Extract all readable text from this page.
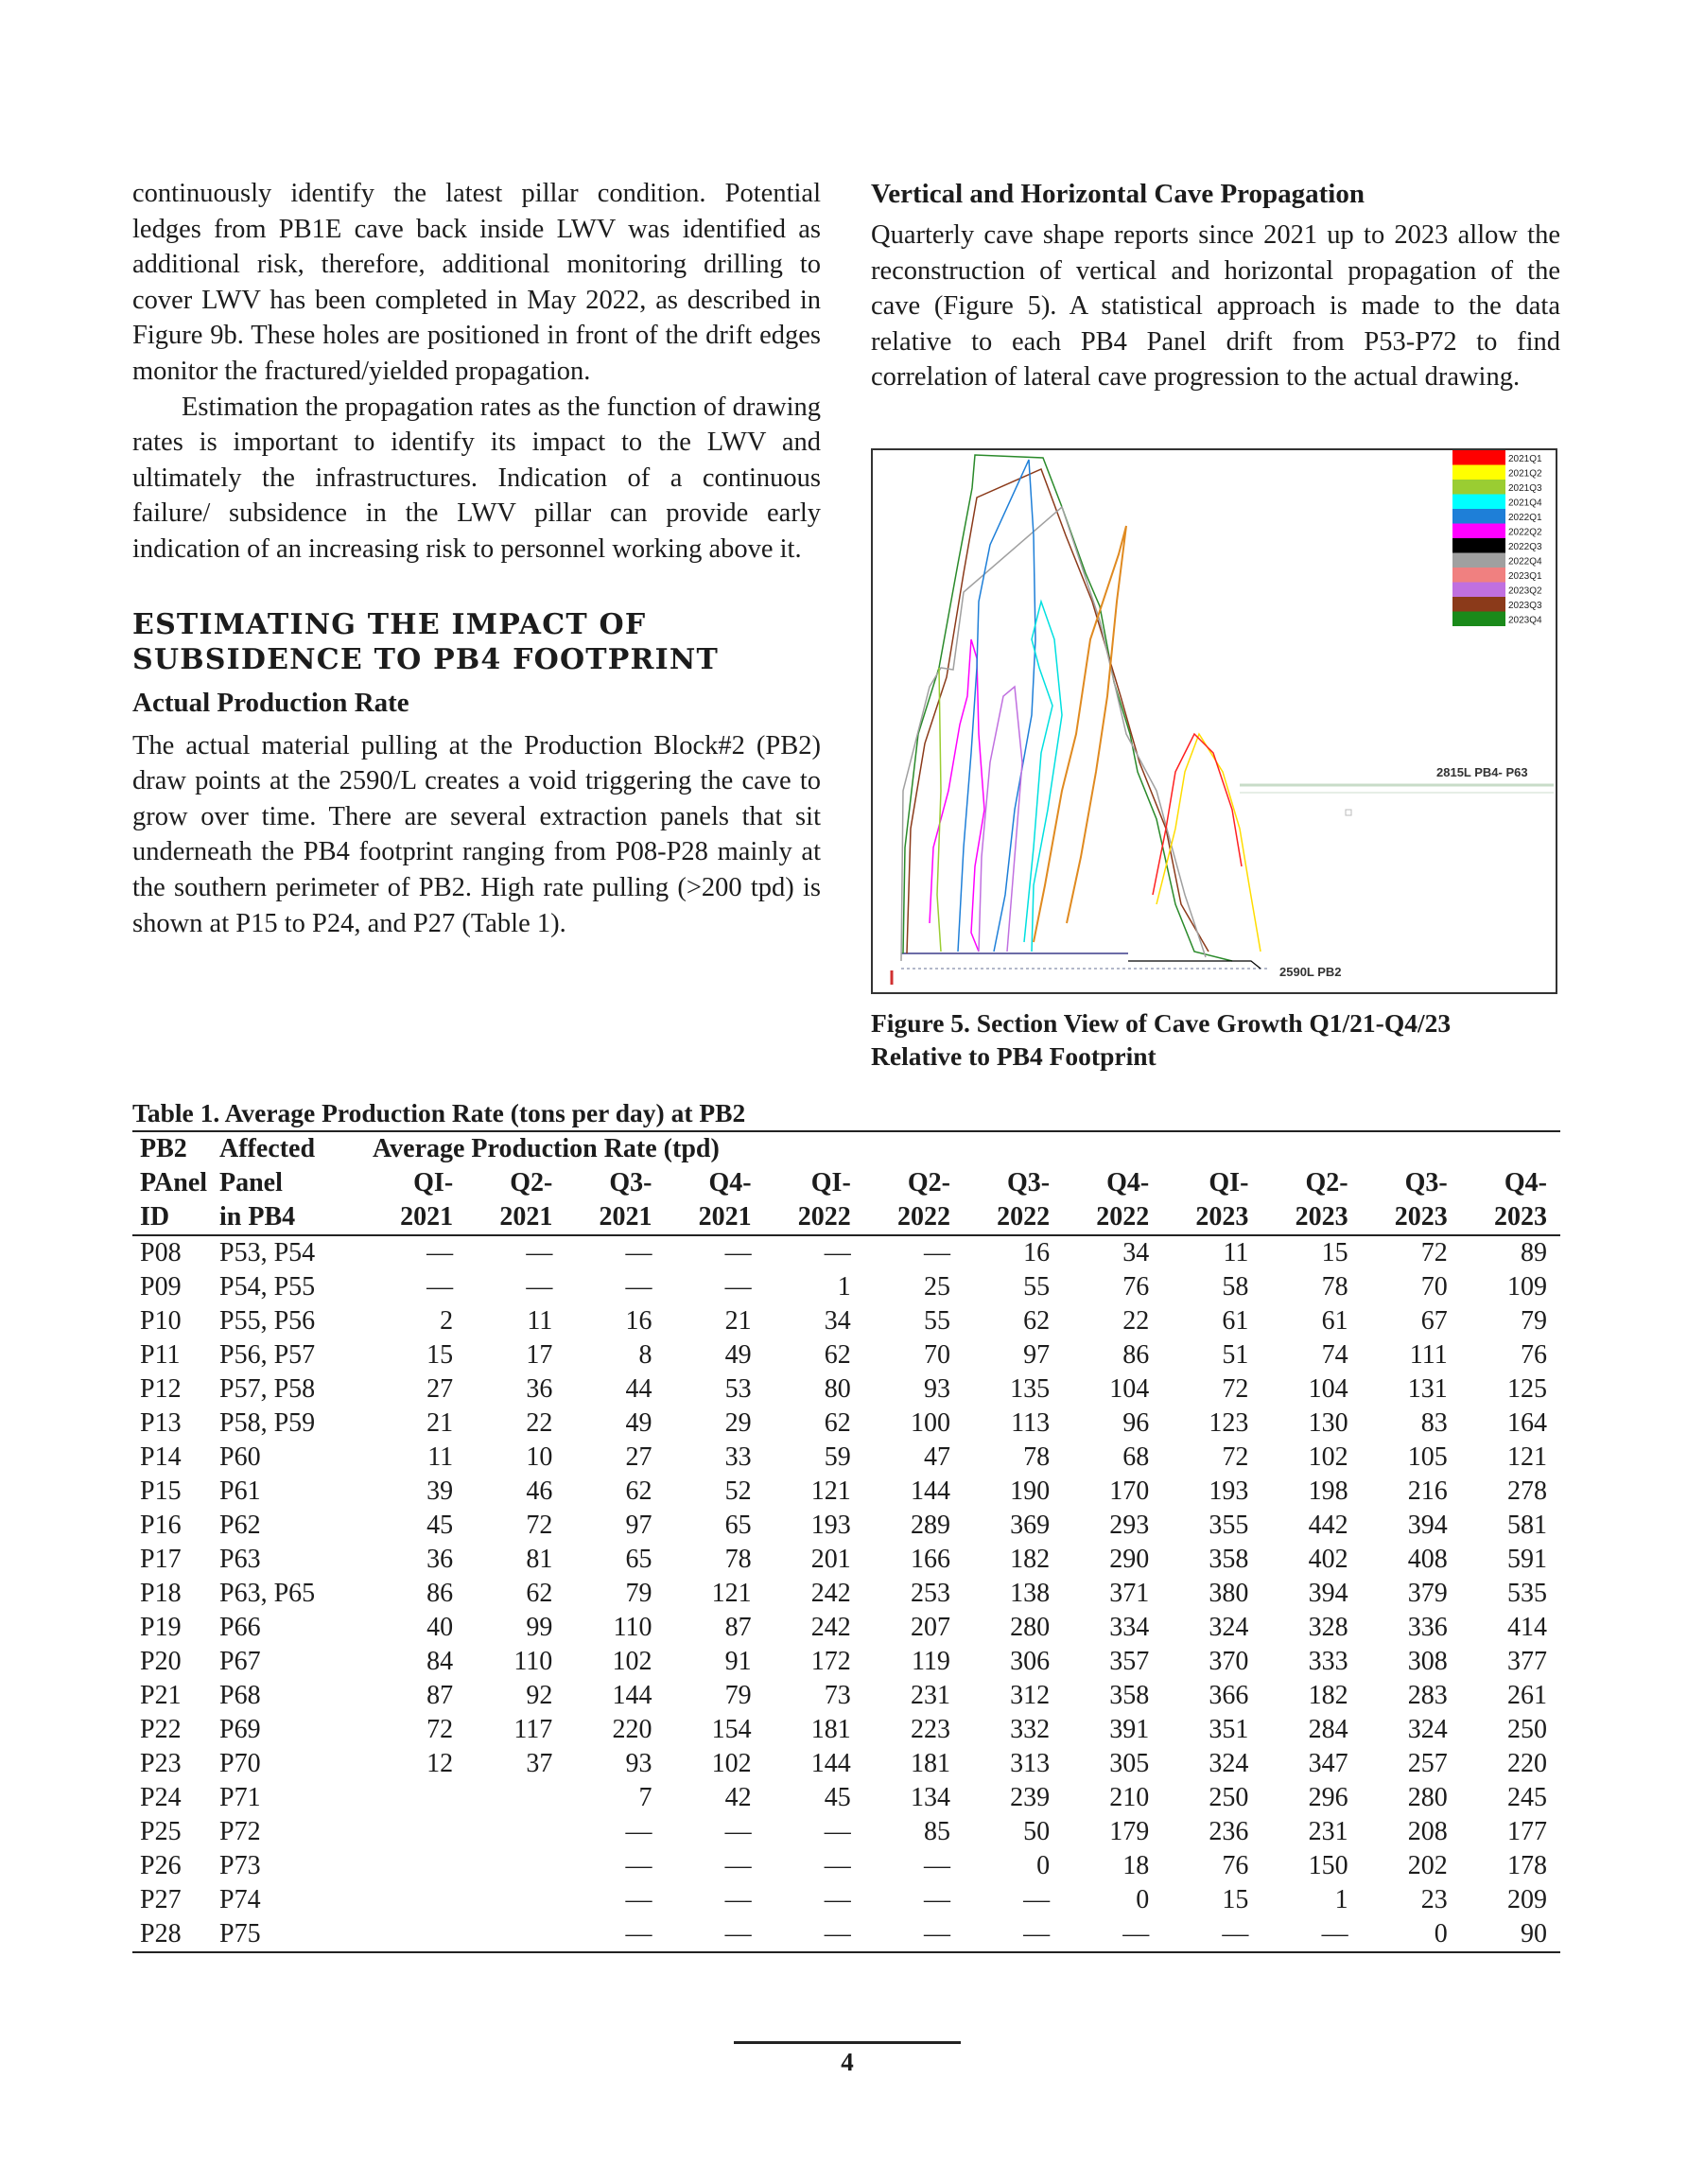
continuously identify the latest pillar condition. Potential ledges from PB1E cave back inside LWV was identified as additional risk, therefore, additional monitoring drilling to cover LWV has been completed in May 2022, as described in Figure 9b. These holes are positioned in front of the drift edges monitor the fractured/yielded propagation.

Estimation the propagation rates as the function of drawing rates is important to identify its impact to the LWV and ultimately the infrastructures. Indication of a continuous failure/ subsidence in the LWV pillar can provide early indication of an increasing risk to personnel working above it.

ESTIMATING THE IMPACT OF
SUBSIDENCE TO PB4 FOOTPRINT
Actual Production Rate

The actual material pulling at the Production Block#2 (PB2) draw points at the 2590/L creates a void triggering the cave to grow over time. There are several extraction panels that sit underneath the PB4 footprint ranging from P08-P28 mainly at the southern perimeter of PB2. High rate pulling (>200 tpd) is shown at P15 to P24, and P27 (Table 1).

Vertical and Horizontal Cave Propagation

Quarterly cave shape reports since 2021 up to 2023 allow the reconstruction of vertical and horizontal propagation of the cave (Figure 5). A statistical approach is made to the data relative to each PB4 Panel drift from P53-P72 to find correlation of lateral cave progression to the actual drawing.

2021Q1
2021Q2
2021Q3
2021Q4
2022Q1
2022Q2
2022Q3
2022Q4
2023Q1
2023Q2
2023Q3
2023Q4
2815L PB4- P63
2590L PB2
Figure 5. Section View of Cave Growth Q1/21-Q4/23
Relative to PB4 Footprint
Table 1. Average Production Rate (tons per day) at PB2
PB2	Affected	Average Production Rate (tpd)											
PAnel	Panel	QI-	Q2-	Q3-	Q4-	QI-	Q2-	Q3-	Q4-	QI-	Q2-	Q3-	Q4-
ID	in PB4	2021	2021	2021	2021	2022	2022	2022	2022	2023	2023	2023	2023
P08	P53, P54	—	—	—	—	—	—	16	34	11	15	72	89
P09	P54, P55	—	—	—	—	1	25	55	76	58	78	70	109
P10	P55, P56	2	11	16	21	34	55	62	22	61	61	67	79
P11	P56, P57	15	17	8	49	62	70	97	86	51	74	111	76
P12	P57, P58	27	36	44	53	80	93	135	104	72	104	131	125
P13	P58, P59	21	22	49	29	62	100	113	96	123	130	83	164
P14	P60	11	10	27	33	59	47	78	68	72	102	105	121
P15	P61	39	46	62	52	121	144	190	170	193	198	216	278
P16	P62	45	72	97	65	193	289	369	293	355	442	394	581
P17	P63	36	81	65	78	201	166	182	290	358	402	408	591
P18	P63, P65	86	62	79	121	242	253	138	371	380	394	379	535
P19	P66	40	99	110	87	242	207	280	334	324	328	336	414
P20	P67	84	110	102	91	172	119	306	357	370	333	308	377
P21	P68	87	92	144	79	73	231	312	358	366	182	283	261
P22	P69	72	117	220	154	181	223	332	391	351	284	324	250
P23	P70	12	37	93	102	144	181	313	305	324	347	257	220
P24	P71			7	42	45	134	239	210	250	296	280	245
P25	P72			—	—	—	85	50	179	236	231	208	177
P26	P73			—	—	—	—	0	18	76	150	202	178
P27	P74			—	—	—	—	—	0	15	1	23	209
P28	P75			—	—	—	—	—	—	—	—	0	90
4
